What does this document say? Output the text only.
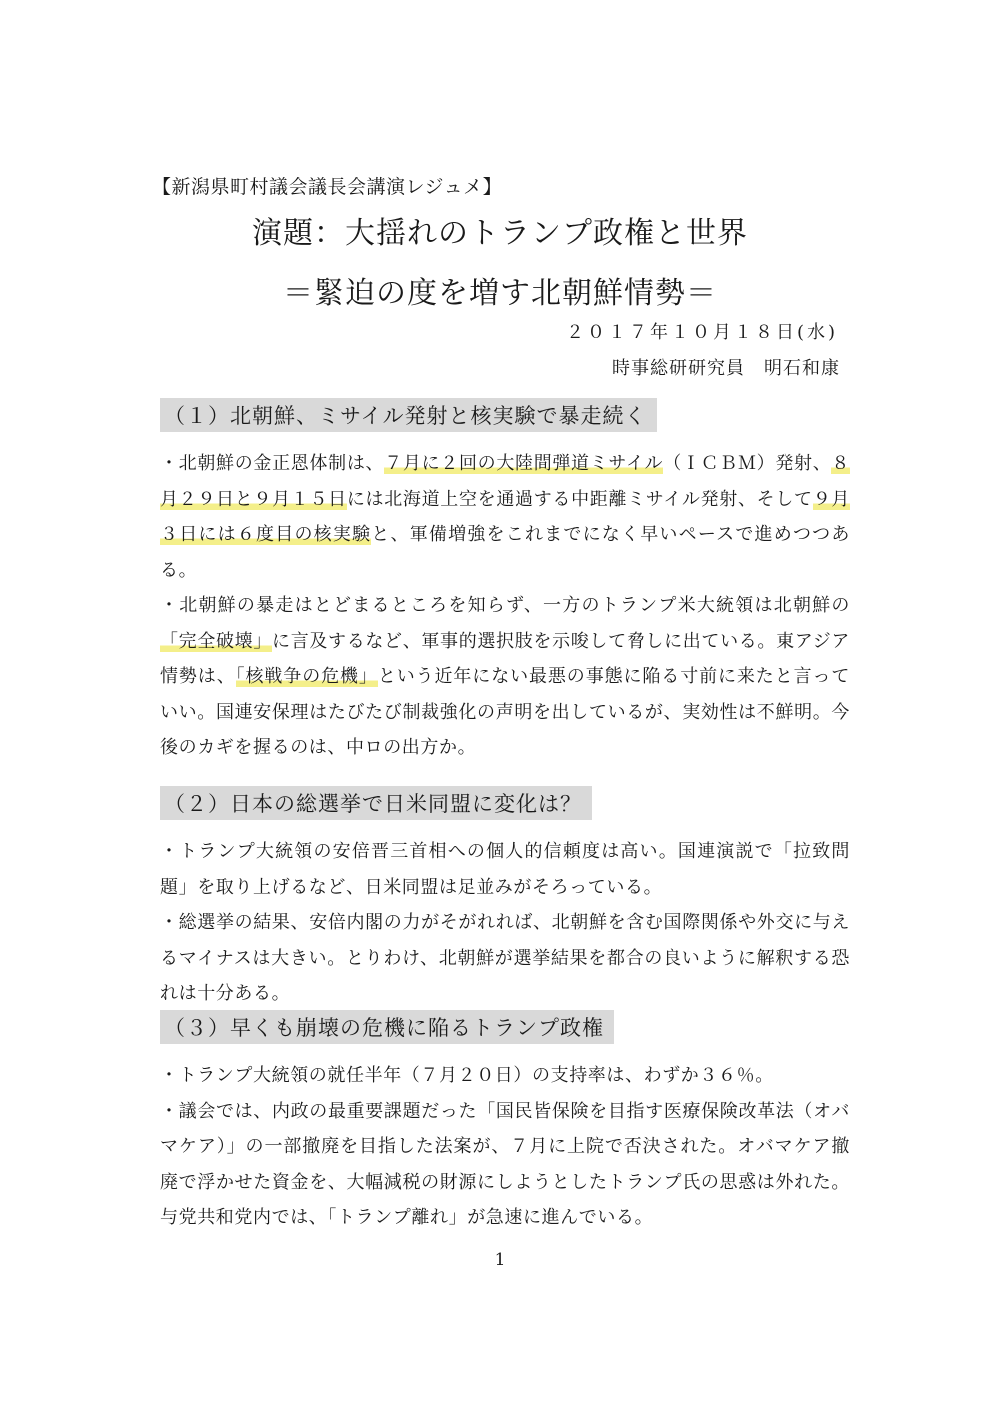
【新潟県町村議会議長会講演レジュメ】
演題：大揺れのトランプ政権と世界
＝緊迫の度を増す北朝鮮情勢＝
２０１７年１０月１８日(水)
時事総研研究員　明石和康
（１）北朝鮮、ミサイル発射と核実験で暴走続く

・北朝鮮の金正恩体制は、７月に２回の大陸間弾道ミサイル（ＩＣＢＭ）発射、８月２９日と９月１５日には北海道上空を通過する中距離ミサイル発射、そして９月３日には６度目の核実験と、軍備増強をこれまでになく早いペースで進めつつある。

・北朝鮮の暴走はとどまるところを知らず、一方のトランプ米大統領は北朝鮮の「完全破壊」に言及するなど、軍事的選択肢を示唆して脅しに出ている。東アジア情勢は、「核戦争の危機」という近年にない最悪の事態に陥る寸前に来たと言っていい。国連安保理はたびたび制裁強化の声明を出しているが、実効性は不鮮明。今後のカギを握るのは、中ロの出方か。

（２）日本の総選挙で日米同盟に変化は？

・トランプ大統領の安倍晋三首相への個人的信頼度は高い。国連演説で「拉致問題」を取り上げるなど、日米同盟は足並みがそろっている。

・総選挙の結果、安倍内閣の力がそがれれば、北朝鮮を含む国際関係や外交に与えるマイナスは大きい。とりわけ、北朝鮮が選挙結果を都合の良いように解釈する恐れは十分ある。

（３）早くも崩壊の危機に陥るトランプ政権

・トランプ大統領の就任半年（７月２０日）の支持率は、わずか３６％。

・議会では、内政の最重要課題だった「国民皆保険を目指す医療保険改革法（オバマケア）」の一部撤廃を目指した法案が、７月に上院で否決された。オバマケア撤廃で浮かせた資金を、大幅減税の財源にしようとしたトランプ氏の思惑は外れた。与党共和党内では、「トランプ離れ」が急速に進んでいる。

1
